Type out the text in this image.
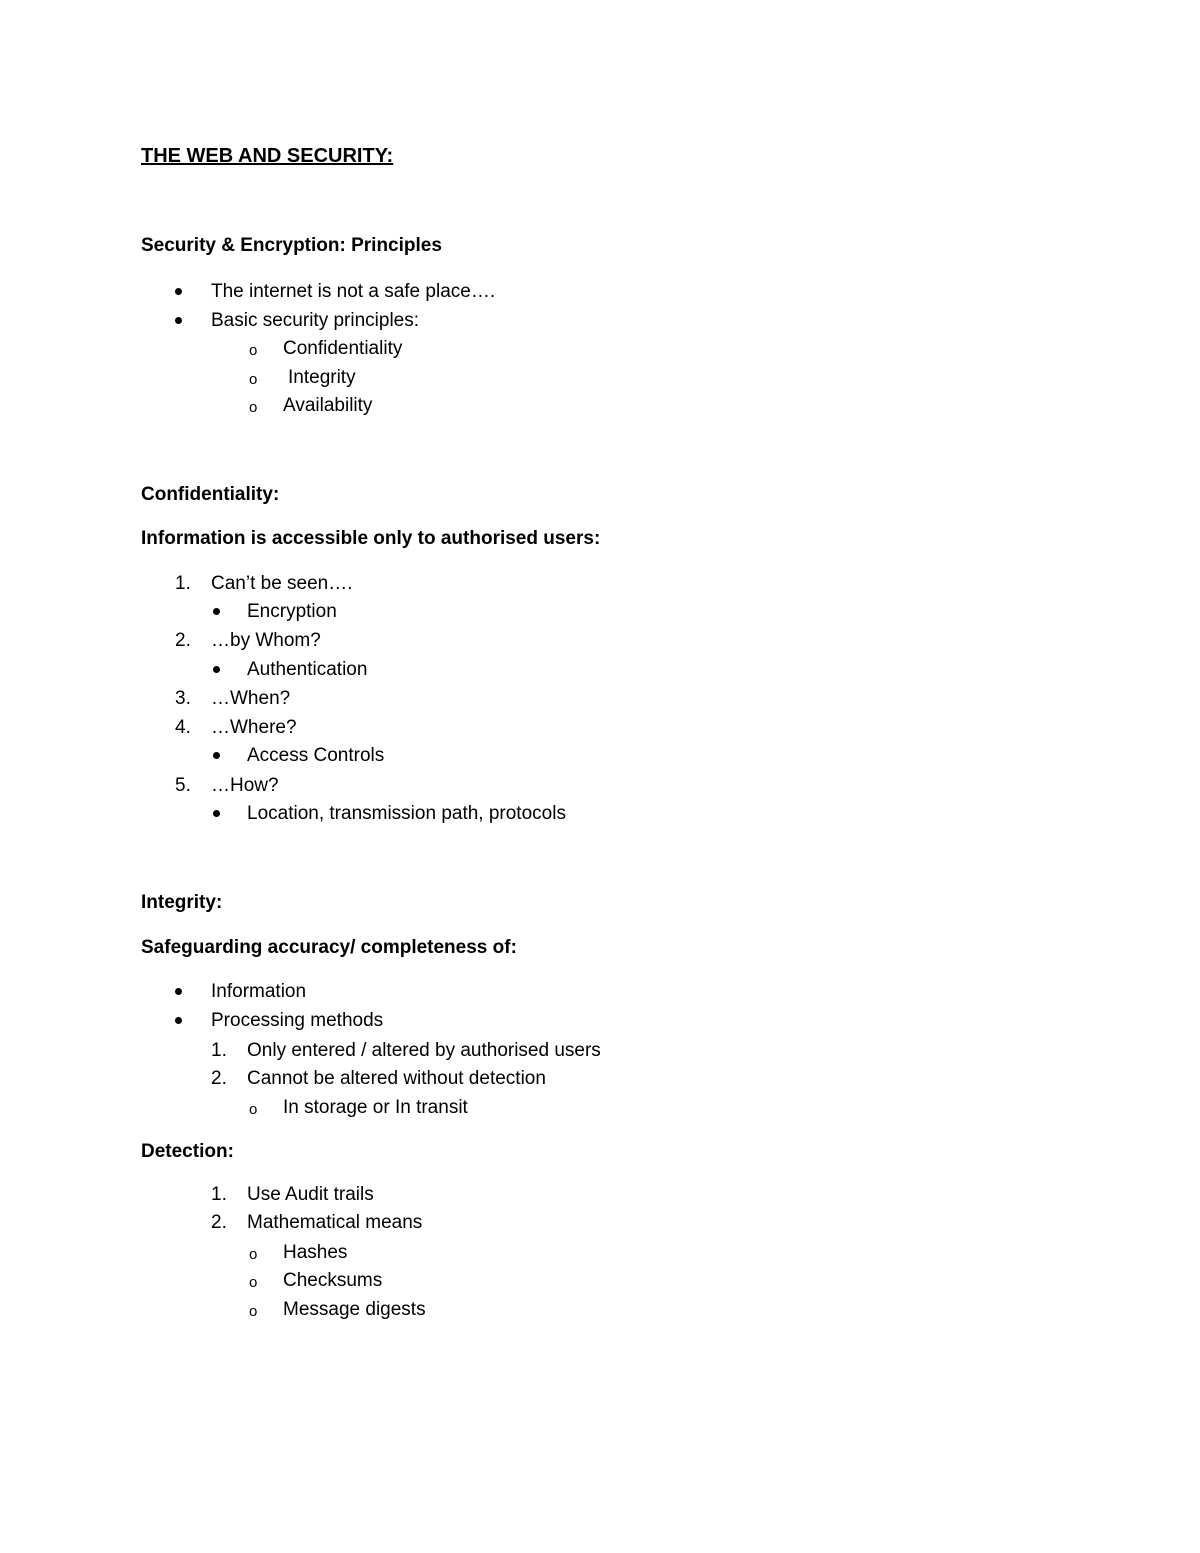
THE WEB AND SECURITY:
Security & Encryption: Principles
The internet is not a safe place….
Basic security principles:
o Confidentiality
o Integrity
o Availability
Confidentiality:
Information is accessible only to authorised users:
1. Can’t be seen….
Encryption
2. …by Whom?
Authentication
3. …When?
4. …Where?
Access Controls
5. …How?
Location, transmission path, protocols
Integrity:
Safeguarding accuracy/ completeness of:
Information
Processing methods
1. Only entered / altered by authorised users
2. Cannot be altered without detection
o In storage or In transit
Detection:
1. Use Audit trails
2. Mathematical means
o Hashes
o Checksums
o Message digests
